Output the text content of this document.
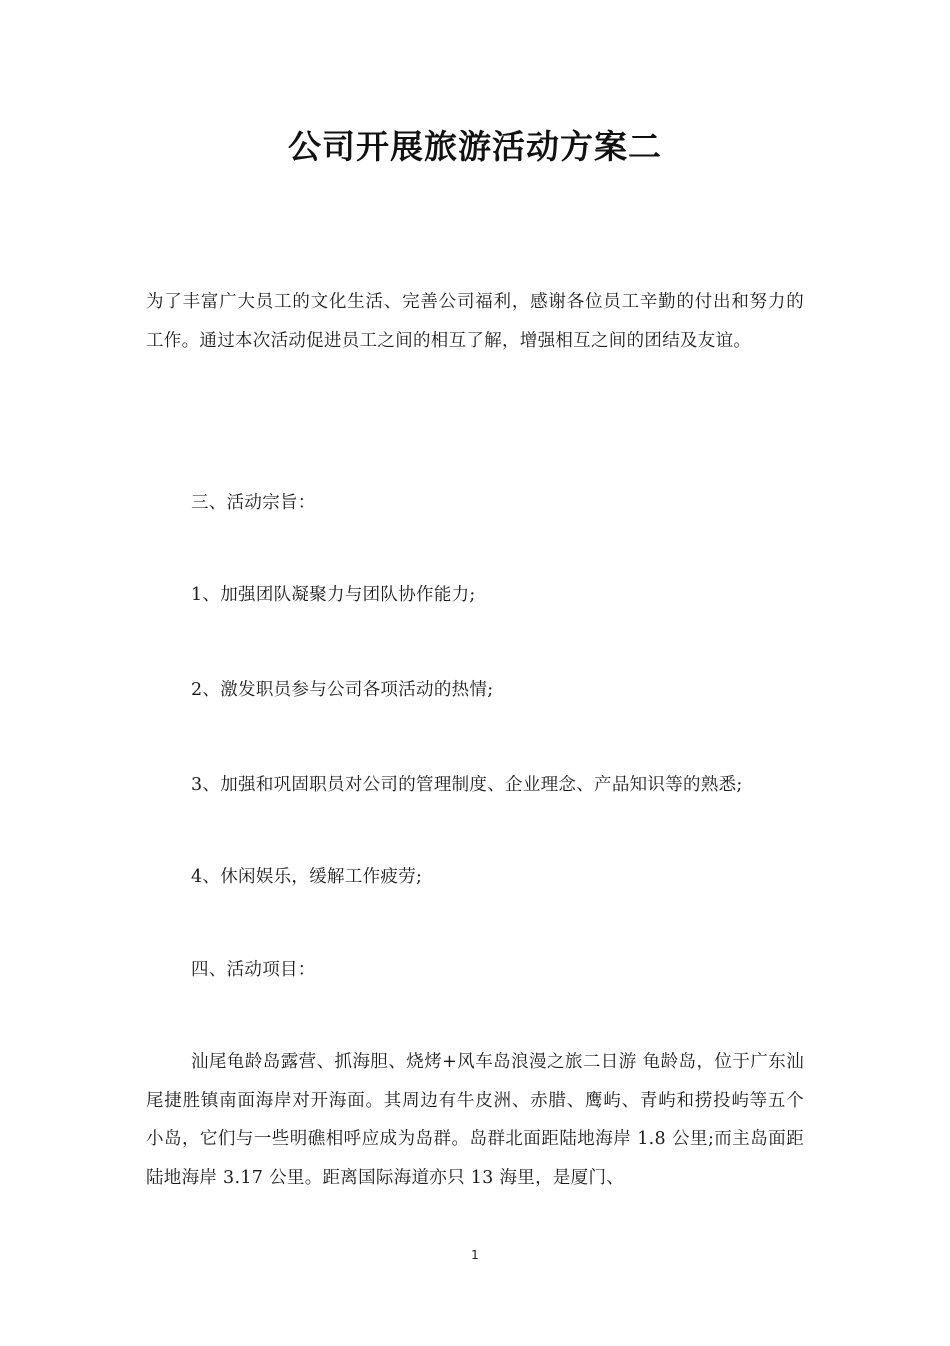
公司开展旅游活动方案二

为了丰富广大员工的文化生活、完善公司福利，感谢各位员工辛勤的付出和努力的工作。通过本次活动促进员工之间的相互了解，增强相互之间的团结及友谊。

三、活动宗旨：

1、加强团队凝聚力与团队协作能力;

2、激发职员参与公司各项活动的热情;

3、加强和巩固职员对公司的管理制度、企业理念、产品知识等的熟悉;

4、休闲娱乐，缓解工作疲劳;

四、活动项目：

汕尾龟龄岛露营、抓海胆、烧烤+风车岛浪漫之旅二日游 龟龄岛，位于广东汕尾捷胜镇南面海岸对开海面。其周边有牛皮洲、赤腊、鹰屿、青屿和捞投屿等五个小岛，它们与一些明礁相呼应成为岛群。岛群北面距陆地海岸 1.8 公里;而主岛面距陆地海岸 3.17 公里。距离国际海道亦只 13 海里，是厦门、

1
